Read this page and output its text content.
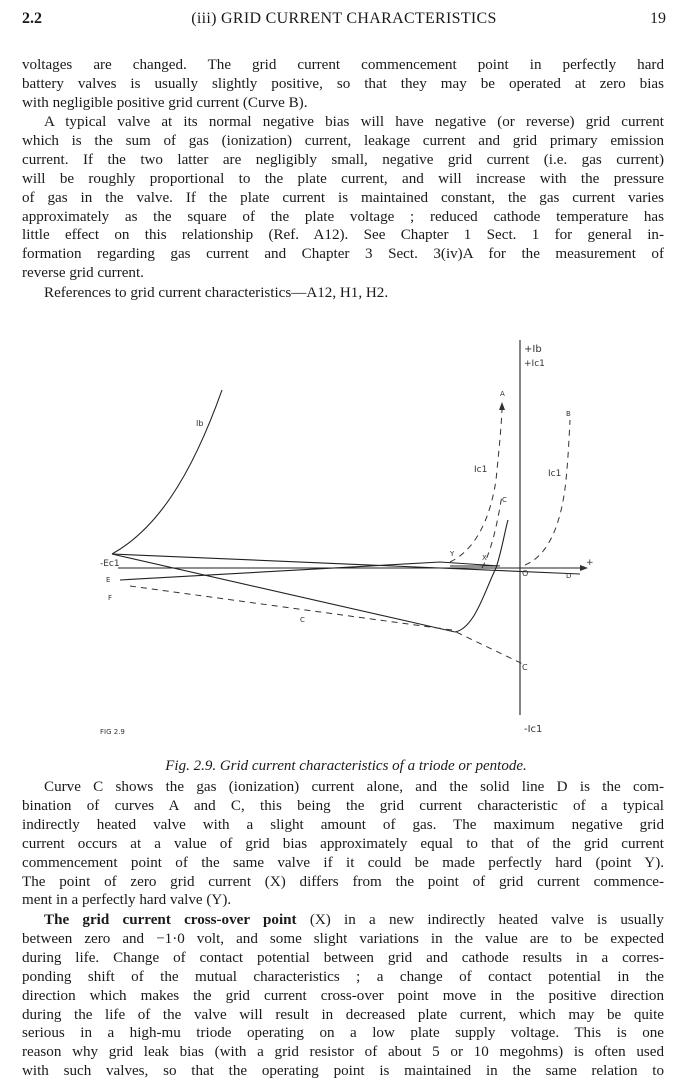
2.2	(iii) GRID CURRENT CHARACTERISTICS	19
voltages are changed. The grid current commencement point in perfectly hard
battery valves is usually slightly positive, so that they may be operated at zero bias
with negligible positive grid current (Curve B).
A typical valve at its normal negative bias will have negative (or reverse) grid current
which is the sum of gas (ionization) current, leakage current and grid primary emission
current. If the two latter are negligibly small, negative grid current (i.e. gas current)
will be roughly proportional to the plate current, and will increase with the pressure
of gas in the valve. If the plate current is maintained constant, the gas current varies
approximately as the square of the plate voltage ; reduced cathode temperature has
little effect on this relationship (Ref. A12). See Chapter 1 Sect. 1 for general in-
formation regarding gas current and Chapter 3 Sect. 3(iv)A for the measurement of
reverse grid current.
References to grid current characteristics—A12, H1, H2.
+Ib
+Ic1
-Ic1
-Ec1
Ib
Ic1	Ic1
A
B
C
C
C
X
Y
O	D
E
F
+
FIG 2.9
Fig. 2.9. Grid current characteristics of a triode or pentode.
Curve C shows the gas (ionization) current alone, and the solid line D is the com-
bination of curves A and C, this being the grid current characteristic of a typical
indirectly heated valve with a slight amount of gas. The maximum negative grid
current occurs at a value of grid bias approximately equal to that of the grid current
commencement point of the same valve if it could be made perfectly hard (point Y).
The point of zero grid current (X) differs from the point of grid current commence-
ment in a perfectly hard valve (Y).
The grid current cross-over point (X) in a new indirectly heated valve is usually
between zero and −1·0 volt, and some slight variations in the value are to be expected
during life. Change of contact potential between grid and cathode results in a corres-
ponding shift of the mutual characteristics ; a change of contact potential in the
direction which makes the grid current cross-over point move in the positive direction
during the life of the valve will result in decreased plate current, which may be quite
serious in a high-mu triode operating on a low plate supply voltage. This is one
reason why grid leak bias (with a grid resistor of about 5 or 10 megohms) is often used
with such valves, so that the operating point is maintained in the same relation to
